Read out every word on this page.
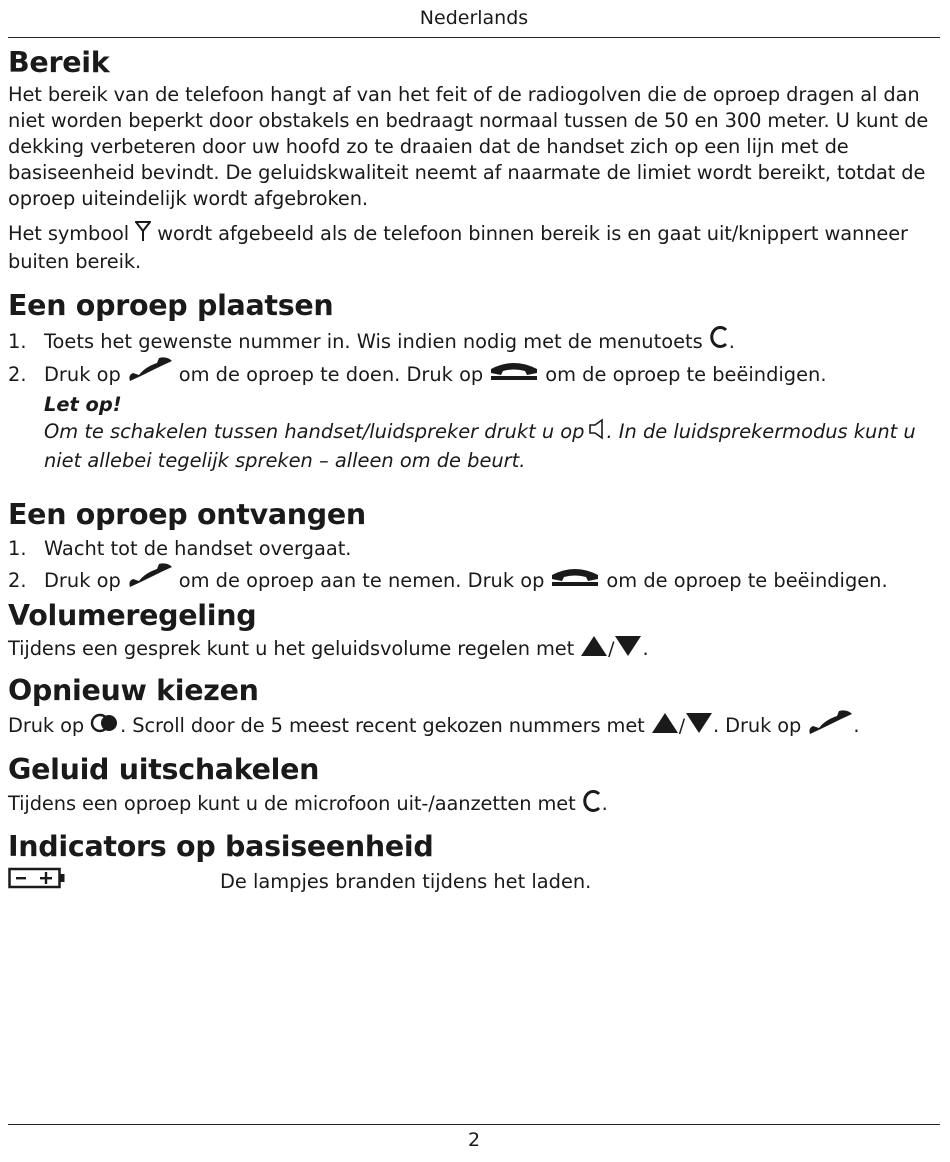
Nederlands
Bereik

Het bereik van de telefoon hangt af van het feit of de radiogolven die de oproep dragen al dan niet worden beperkt door obstakels en bedraagt normaal tussen de 50 en 300 meter. U kunt de dekking verbeteren door uw hoofd zo te draaien dat de handset zich op een lijn met de basiseenheid bevindt. De geluidskwaliteit neemt af naarmate de limiet wordt bereikt, totdat de oproep uiteindelijk wordt afgebroken.

Het symbool wordt afgebeeld als de telefoon binnen bereik is en gaat uit/knippert wanneer buiten bereik.

Een oproep plaatsen
1. Toets het gewenste nummer in. Wis indien nodig met de menutoets .
2. Druk op	om de oproep te doen. Druk op	om de oproep te beëindigen.
Let op!
Om te schakelen tussen handset/luidspreker drukt u op . In de luidsprekermodus kunt u niet allebei tegelijk spreken – alleen om de beurt.
Een oproep ontvangen
1. Wacht tot de handset overgaat.
2. Druk op	om de oproep aan te nemen. Druk op	om de oproep te beëindigen.
Volumeregeling

Tijdens een gesprek kunt u het geluidsvolume regelen met / .

Opnieuw kiezen

Druk op . Scroll door de 5 meest recent gekozen nummers met / . Druk op	.

Geluid uitschakelen

Tijdens een oproep kunt u de microfoon uit-/aanzetten met .

Indicators op basiseenheid
De lampjes branden tijdens het laden.
2
